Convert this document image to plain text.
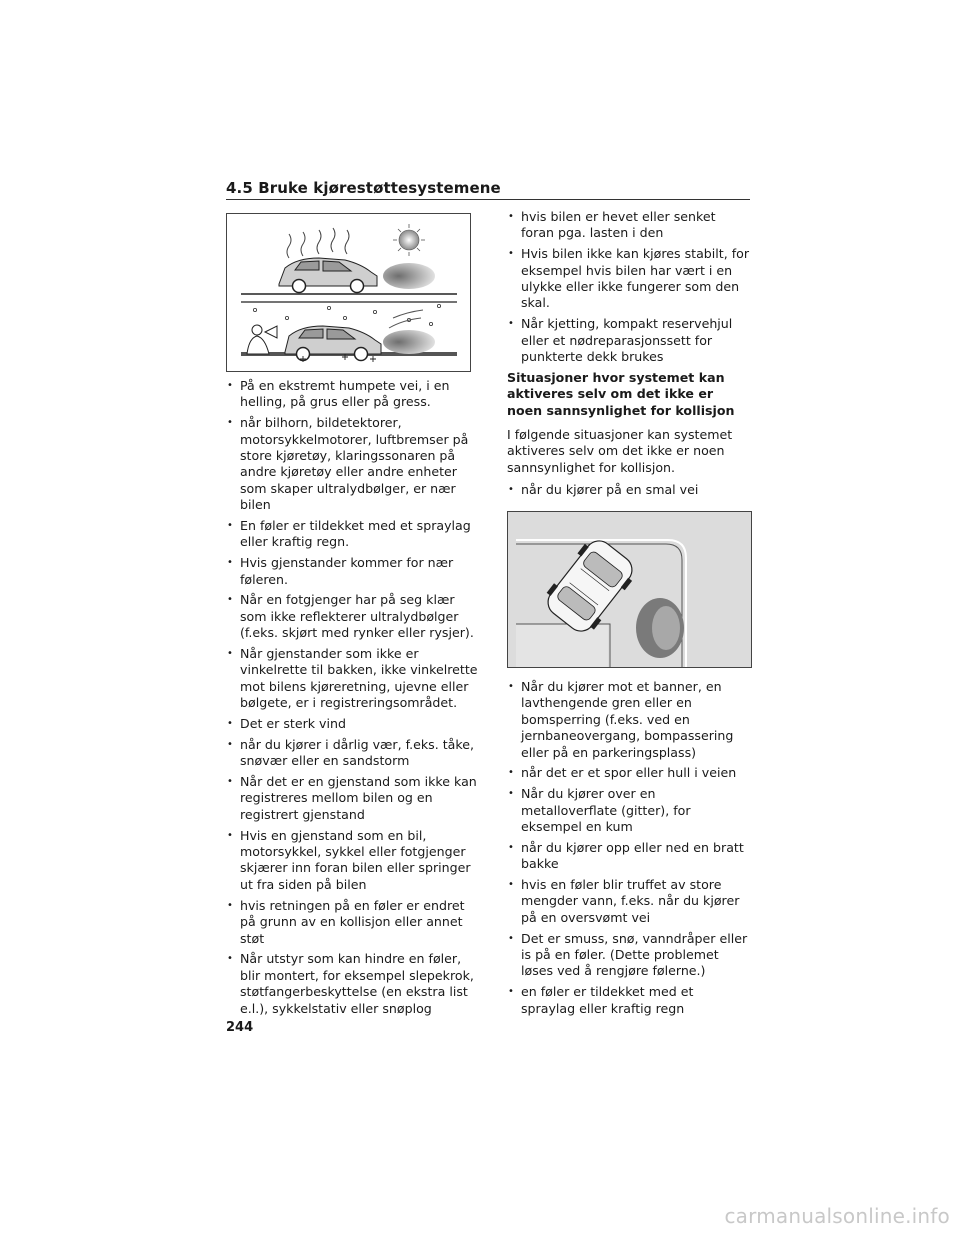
4.5 Bruke kjørestøttesystemene
• På en ekstremt humpete vei, i en helling, på grus eller på gress.
• når bilhorn, bildetektorer, motorsykkelmotorer, luftbremser på store kjøretøy, klaringssonaren på andre kjøretøy eller andre enheter som skaper ultralydbølger, er nær bilen
• En føler er tildekket med et spraylag eller kraftig regn.
• Hvis gjenstander kommer for nær føleren.
• Når en fotgjenger har på seg klær som ikke reflekterer ultralydbølger (f.eks. skjørt med rynker eller rysjer).
• Når gjenstander som ikke er vinkelrette til bakken, ikke vinkelrette mot bilens kjøreretning, ujevne eller bølgete, er i registreringsområdet.
• Det er sterk vind
• når du kjører i dårlig vær, f.eks. tåke, snøvær eller en sandstorm
• Når det er en gjenstand som ikke kan registreres mellom bilen og en registrert gjenstand
• Hvis en gjenstand som en bil, motorsykkel, sykkel eller fotgjenger skjærer inn foran bilen eller springer ut fra siden på bilen
• hvis retningen på en føler er endret på grunn av en kollisjon eller annet støt
• Når utstyr som kan hindre en føler, blir montert, for eksempel slepekrok, støtfangerbeskyttelse (en ekstra list e.l.), sykkelstativ eller snøplog
• hvis bilen er hevet eller senket foran pga. lasten i den
• Hvis bilen ikke kan kjøres stabilt, for eksempel hvis bilen har vært i en ulykke eller ikke fungerer som den skal.
• Når kjetting, kompakt reservehjul eller et nødreparasjonssett for punkterte dekk brukes
Situasjoner hvor systemet kan aktiveres selv om det ikke er noen sannsynlighet for kollisjon

I følgende situasjoner kan systemet aktiveres selv om det ikke er noen sannsynlighet for kollisjon.

• når du kjører på en smal vei
• Når du kjører mot et banner, en lavthengende gren eller en bomsperring (f.eks. ved en jernbaneovergang, bompassering eller på en parkeringsplass)
• når det er et spor eller hull i veien
• Når du kjører over en metalloverflate (gitter), for eksempel en kum
• når du kjører opp eller ned en bratt bakke
• hvis en føler blir truffet av store mengder vann, f.eks. når du kjører på en oversvømt vei
• Det er smuss, snø, vanndråper eller is på en føler. (Dette problemet løses ved å rengjøre følerne.)
• en føler er tildekket med et spraylag eller kraftig regn
244
carmanualsonline.info
